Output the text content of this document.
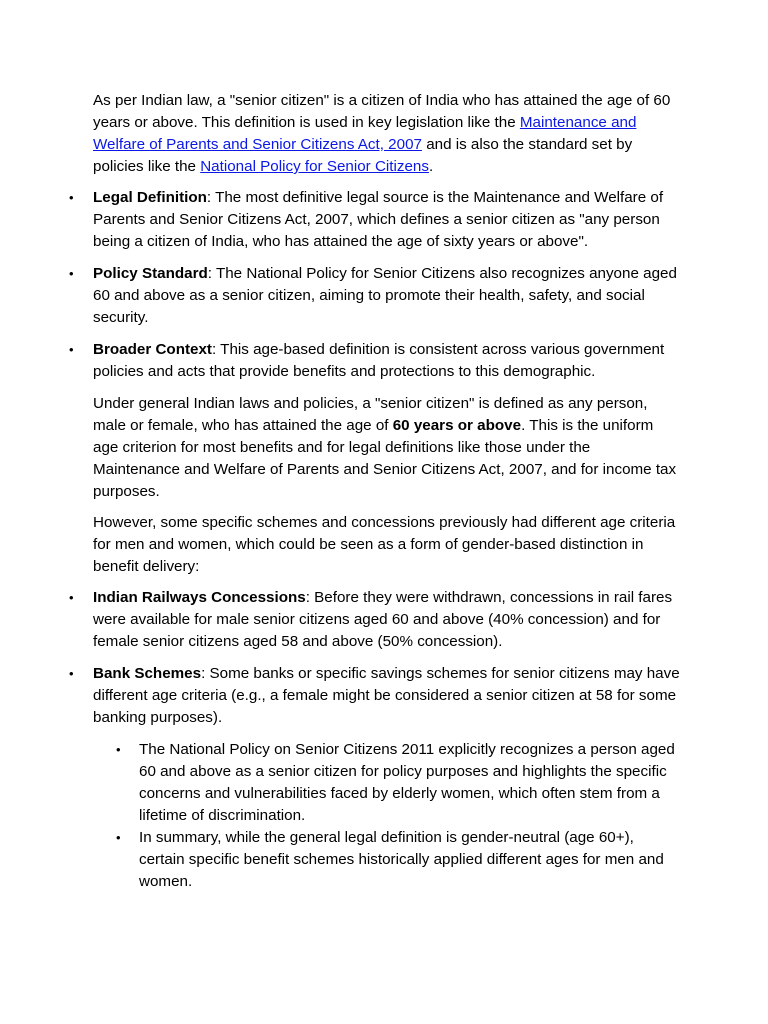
As per Indian law, a "senior citizen" is a citizen of India who has attained the age of 60 years or above. This definition is used in key legislation like the Maintenance and Welfare of Parents and Senior Citizens Act, 2007 and is also the standard set by policies like the National Policy for Senior Citizens.

• Legal Definition: The most definitive legal source is the Maintenance and Welfare of Parents and Senior Citizens Act, 2007, which defines a senior citizen as "any person being a citizen of India, who has attained the age of sixty years or above".
• Policy Standard: The National Policy for Senior Citizens also recognizes anyone aged 60 and above as a senior citizen, aiming to promote their health, safety, and social security.
• Broader Context: This age-based definition is consistent across various government policies and acts that provide benefits and protections to this demographic.

Under general Indian laws and policies, a "senior citizen" is defined as any person, male or female, who has attained the age of 60 years or above. This is the uniform age criterion for most benefits and for legal definitions like those under the Maintenance and Welfare of Parents and Senior Citizens Act, 2007, and for income tax purposes.

However, some specific schemes and concessions previously had different age criteria for men and women, which could be seen as a form of gender-based distinction in benefit delivery:

• Indian Railways Concessions: Before they were withdrawn, concessions in rail fares were available for male senior citizens aged 60 and above (40% concession) and for female senior citizens aged 58 and above (50% concession).
• Bank Schemes: Some banks or specific savings schemes for senior citizens may have different age criteria (e.g., a female might be considered a senior citizen at 58 for some banking purposes).
• The National Policy on Senior Citizens 2011 explicitly recognizes a person aged 60 and above as a senior citizen for policy purposes and highlights the specific concerns and vulnerabilities faced by elderly women, which often stem from a lifetime of discrimination.
• In summary, while the general legal definition is gender-neutral (age 60+), certain specific benefit schemes historically applied different ages for men and women.
